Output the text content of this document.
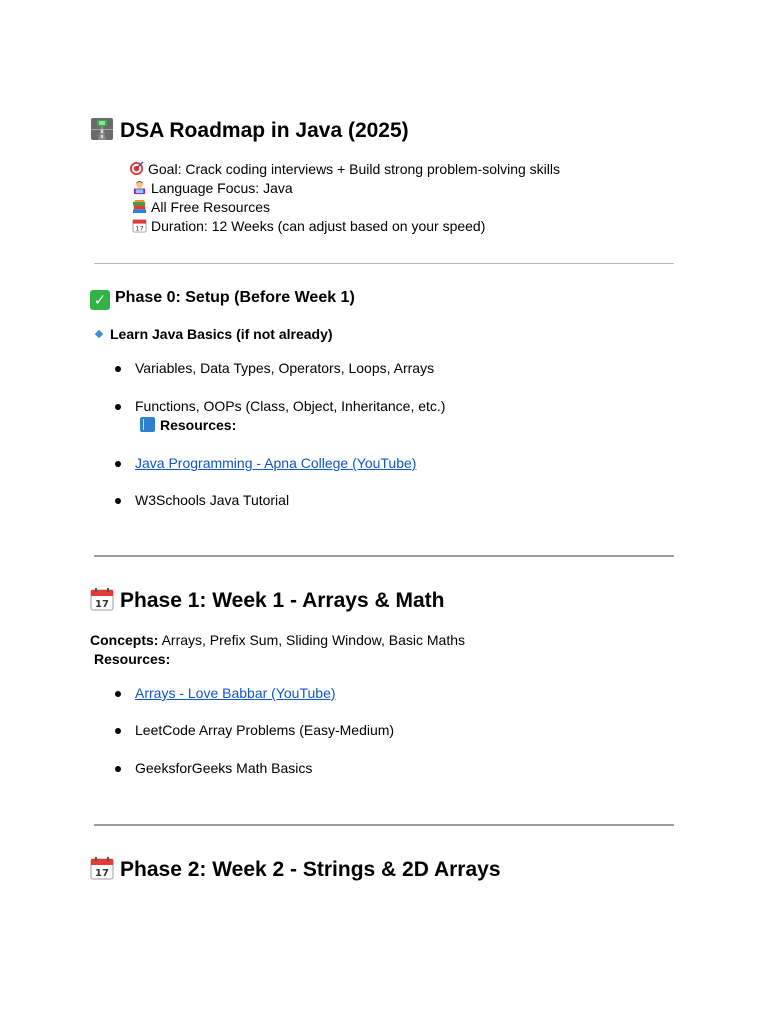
DSA Roadmap in Java (2025)
Goal: Crack coding interviews + Build strong problem-solving skills
Language Focus: Java
All Free Resources
17 Duration: 12 Weeks (can adjust based on your speed)
✓ Phase 0: Setup (Before Week 1)
Learn Java Basics (if not already)
Variables, Data Types, Operators, Loops, Arrays
Functions, OOPs (Class, Object, Inheritance, etc.)
Resources:
Java Programming - Apna College (YouTube)
W3Schools Java Tutorial
17 Phase 1: Week 1 - Arrays & Math
Concepts: Arrays, Prefix Sum, Sliding Window, Basic Maths
Resources:
Arrays - Love Babbar (YouTube)
LeetCode Array Problems (Easy-Medium)
GeeksforGeeks Math Basics
17 Phase 2: Week 2 - Strings & 2D Arrays
